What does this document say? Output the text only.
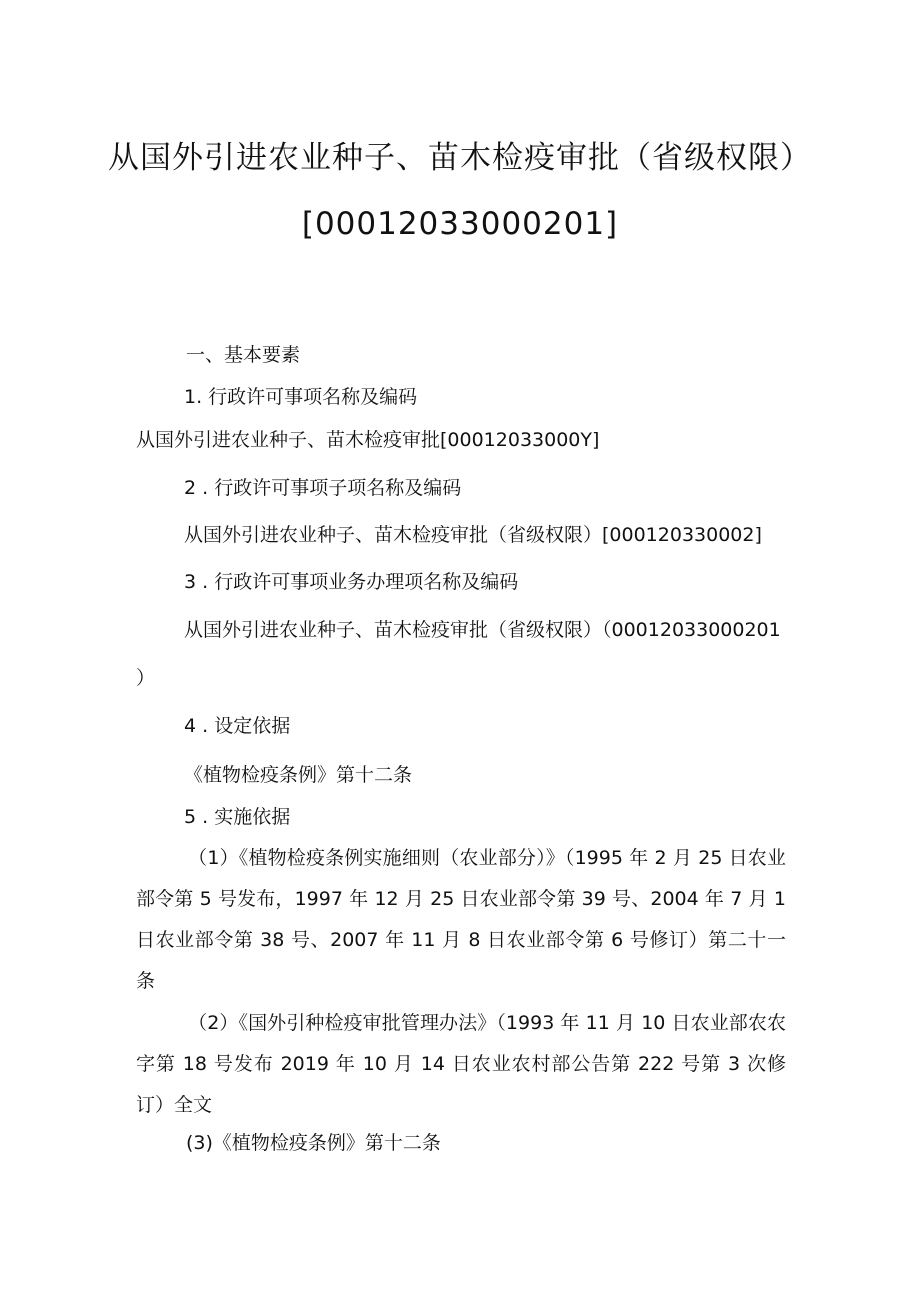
从国外引进农业种子、苗木检疫审批（省级权限）
[00012033000201]
一、基本要素
1. 行政许可事项名称及编码
从国外引进农业种子、苗木检疫审批[00012033000Y]
2 . 行政许可事项子项名称及编码
从国外引进农业种子、苗木检疫审批（省级权限）[000120330002]
3 . 行政许可事项业务办理项名称及编码
从国外引进农业种子、苗木检疫审批（省级权限）（00012033000201
）
4 . 设定依据
《植物检疫条例》第十二条
5 . 实施依据
（1）《植物检疫条例实施细则（农业部分）》（1995 年 2 月 25 日农业部令第 5 号发布，1997 年 12 月 25 日农业部令第 39 号、2004 年 7 月 1 日农业部令第 38 号、2007 年 11 月 8 日农业部令第 6 号修订）第二十一条
（2）《国外引种检疫审批管理办法》（1993 年 11 月 10 日农业部农农字第 18 号发布 2019 年 10 月 14 日农业农村部公告第 222 号第 3 次修订）全文
(3)《植物检疫条例》第十二条
